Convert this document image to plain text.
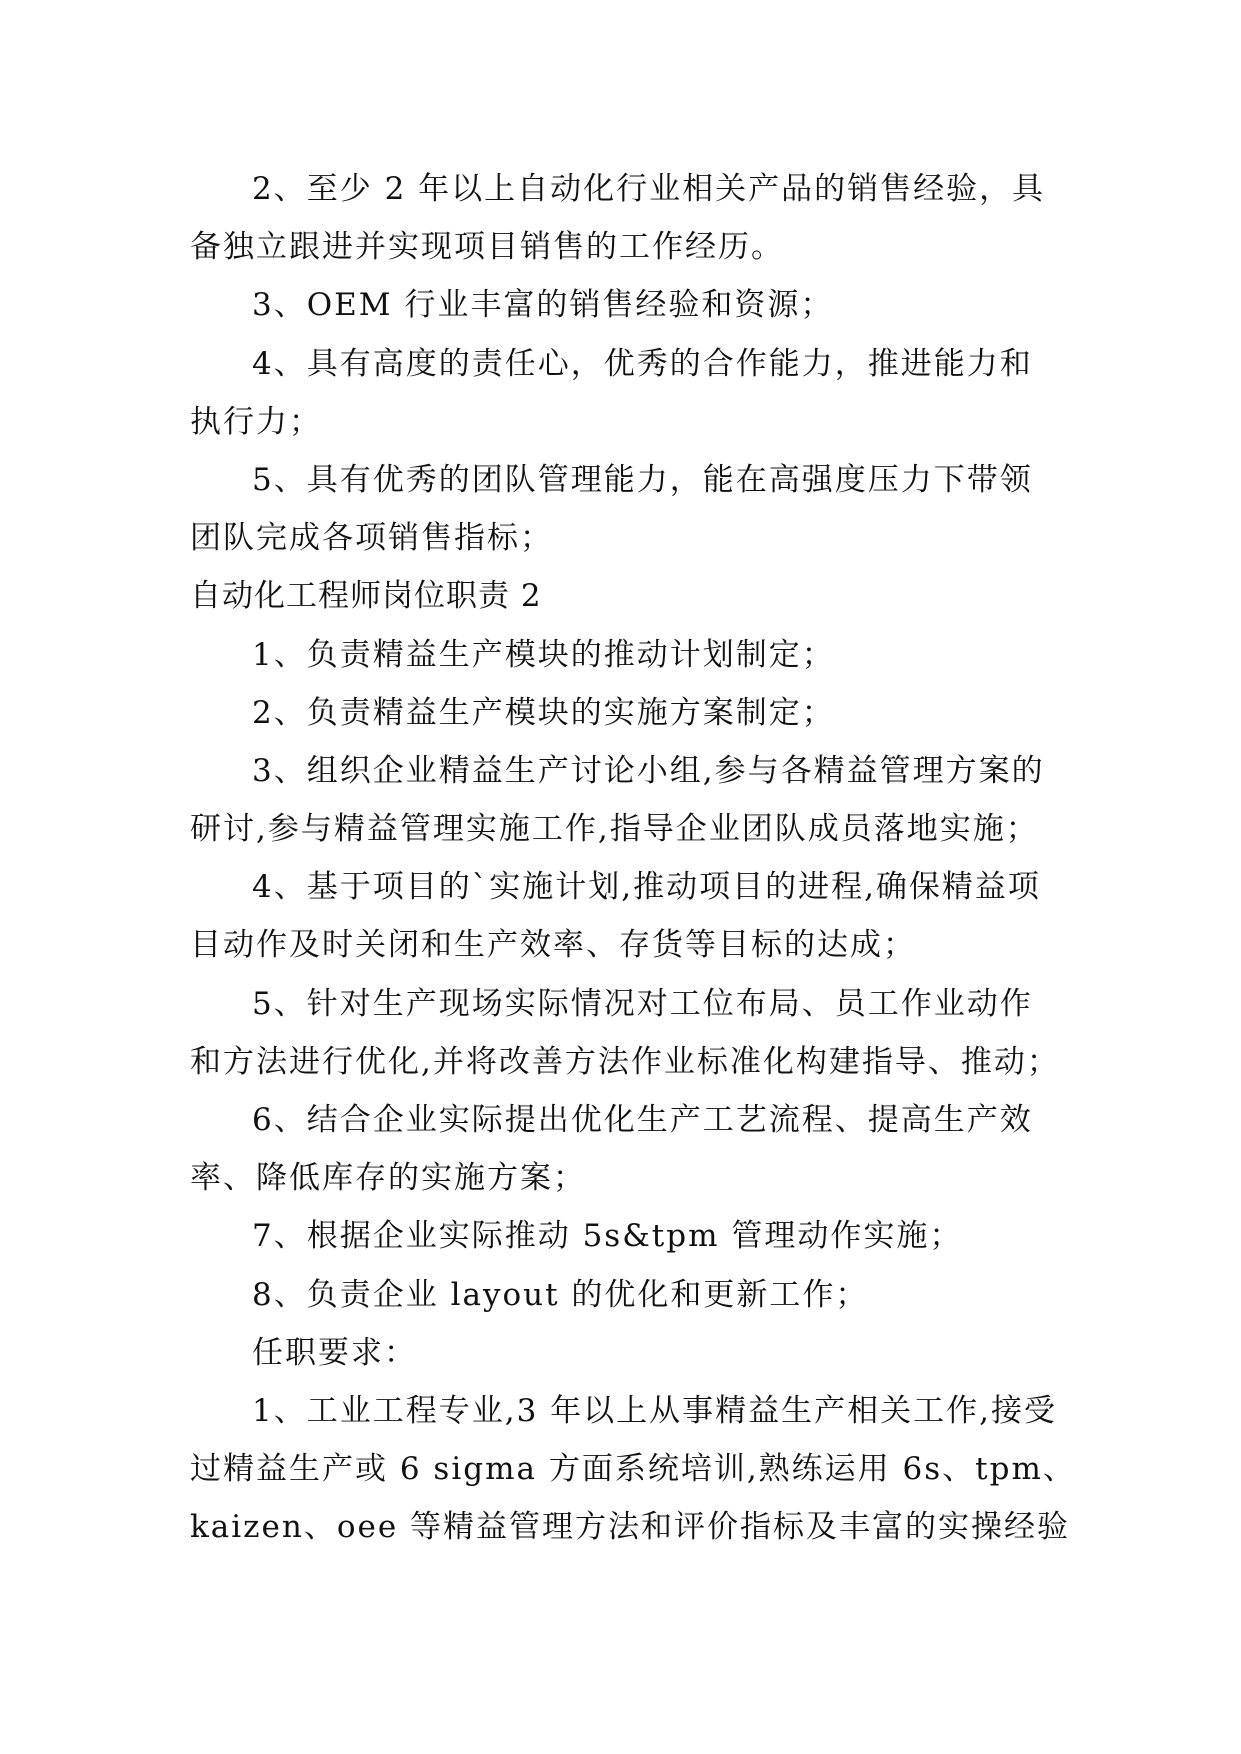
2、至少 2 年以上自动化行业相关产品的销售经验，具
备独立跟进并实现项目销售的工作经历。
3、OEM 行业丰富的销售经验和资源；
4、具有高度的责任心，优秀的合作能力，推进能力和
执行力；
5、具有优秀的团队管理能力，能在高强度压力下带领
团队完成各项销售指标；
自动化工程师岗位职责 2
1、负责精益生产模块的推动计划制定；
2、负责精益生产模块的实施方案制定；
3、组织企业精益生产讨论小组,参与各精益管理方案的
研讨,参与精益管理实施工作,指导企业团队成员落地实施；
4、基于项目的`实施计划,推动项目的进程,确保精益项
目动作及时关闭和生产效率、存货等目标的达成；
5、针对生产现场实际情况对工位布局、员工作业动作
和方法进行优化,并将改善方法作业标准化构建指导、推动；
6、结合企业实际提出优化生产工艺流程、提高生产效
率、降低库存的实施方案；
7、根据企业实际推动 5s&tpm 管理动作实施；
8、负责企业 layout 的优化和更新工作；
任职要求：
1、工业工程专业,3 年以上从事精益生产相关工作,接受
过精益生产或 6 sigma 方面系统培训,熟练运用 6s、tpm、
kaizen、oee 等精益管理方法和评价指标及丰富的实操经验
